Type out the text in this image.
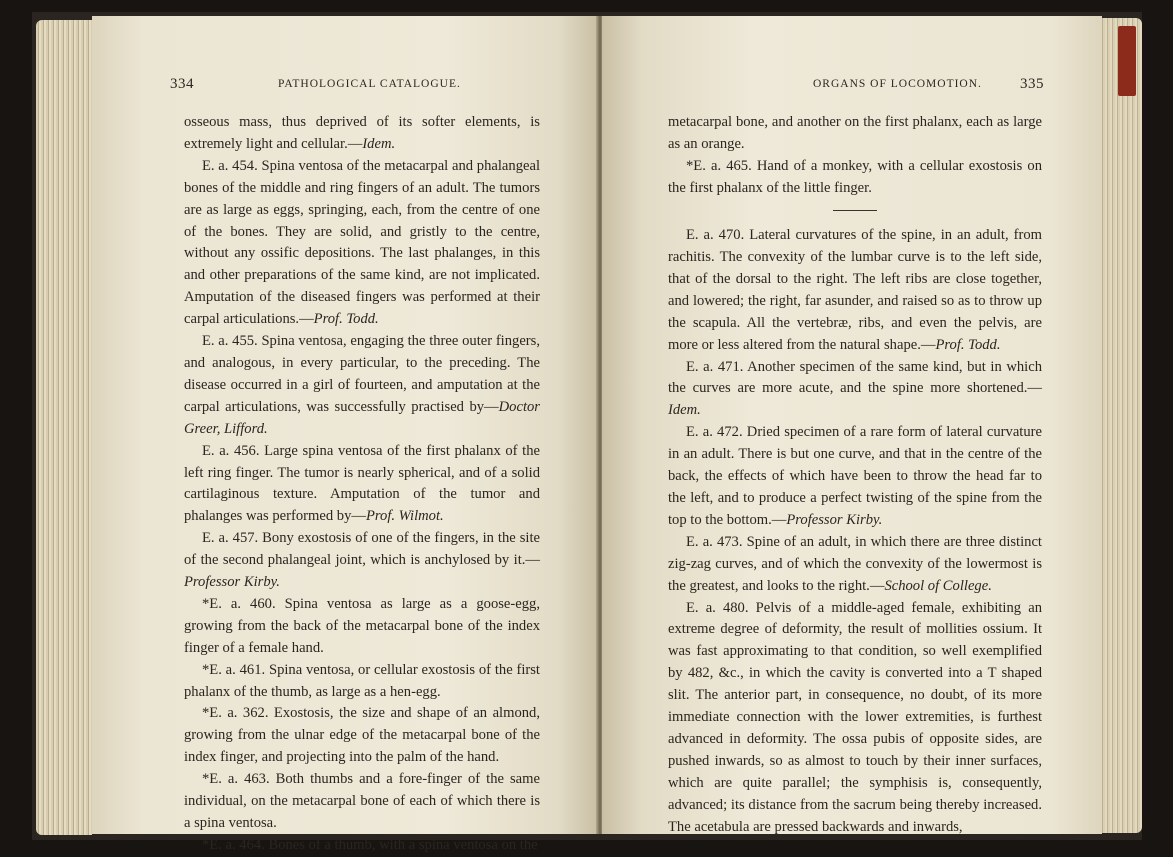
334	PATHOLOGICAL CATALOGUE.

osseous mass, thus deprived of its softer elements, is extremely light and cellular.—Idem.

E. a. 454. Spina ventosa of the metacarpal and phalangeal bones of the middle and ring fingers of an adult. The tumors are as large as eggs, springing, each, from the centre of one of the bones. They are solid, and gristly to the centre, without any ossific depositions. The last phalanges, in this and other preparations of the same kind, are not implicated. Amputation of the diseased fingers was performed at their carpal articulations.—Prof. Todd.

E. a. 455. Spina ventosa, engaging the three outer fingers, and analogous, in every particular, to the preceding. The disease occurred in a girl of fourteen, and amputation at the carpal articulations, was successfully practised by—Doctor Greer, Lifford.

E. a. 456. Large spina ventosa of the first phalanx of the left ring finger. The tumor is nearly spherical, and of a solid cartilaginous texture. Amputation of the tumor and phalanges was performed by—Prof. Wilmot.

E. a. 457. Bony exostosis of one of the fingers, in the site of the second phalangeal joint, which is anchylosed by it.—Professor Kirby.

*E. a. 460. Spina ventosa as large as a goose-egg, growing from the back of the metacarpal bone of the index finger of a female hand.

*E. a. 461. Spina ventosa, or cellular exostosis of the first phalanx of the thumb, as large as a hen-egg.

*E. a. 362. Exostosis, the size and shape of an almond, growing from the ulnar edge of the metacarpal bone of the index finger, and projecting into the palm of the hand.

*E. a. 463. Both thumbs and a fore-finger of the same individual, on the metacarpal bone of each of which there is a spina ventosa.

*E. a. 464. Bones of a thumb, with a spina ventosa on the

ORGANS OF LOCOMOTION.	335

metacarpal bone, and another on the first phalanx, each as large as an orange.

*E. a. 465. Hand of a monkey, with a cellular exostosis on the first phalanx of the little finger.

E. a. 470. Lateral curvatures of the spine, in an adult, from rachitis. The convexity of the lumbar curve is to the left side, that of the dorsal to the right. The left ribs are close together, and lowered; the right, far asunder, and raised so as to throw up the scapula. All the vertebræ, ribs, and even the pelvis, are more or less altered from the natural shape.—Prof. Todd.

E. a. 471. Another specimen of the same kind, but in which the curves are more acute, and the spine more shortened.—Idem.

E. a. 472. Dried specimen of a rare form of lateral curvature in an adult. There is but one curve, and that in the centre of the back, the effects of which have been to throw the head far to the left, and to produce a perfect twisting of the spine from the top to the bottom.—Professor Kirby.

E. a. 473. Spine of an adult, in which there are three distinct zig-zag curves, and of which the convexity of the lowermost is the greatest, and looks to the right.—School of College.

E. a. 480. Pelvis of a middle-aged female, exhibiting an extreme degree of deformity, the result of mollities ossium. It was fast approximating to that condition, so well exemplified by 482, &c., in which the cavity is converted into a T shaped slit. The anterior part, in consequence, no doubt, of its more immediate connection with the lower extremities, is furthest advanced in deformity. The ossa pubis of opposite sides, are pushed inwards, so as almost to touch by their inner surfaces, which are quite parallel; the symphisis is, consequently, advanced; its distance from the sacrum being thereby increased. The acetabula are pressed backwards and inwards,
